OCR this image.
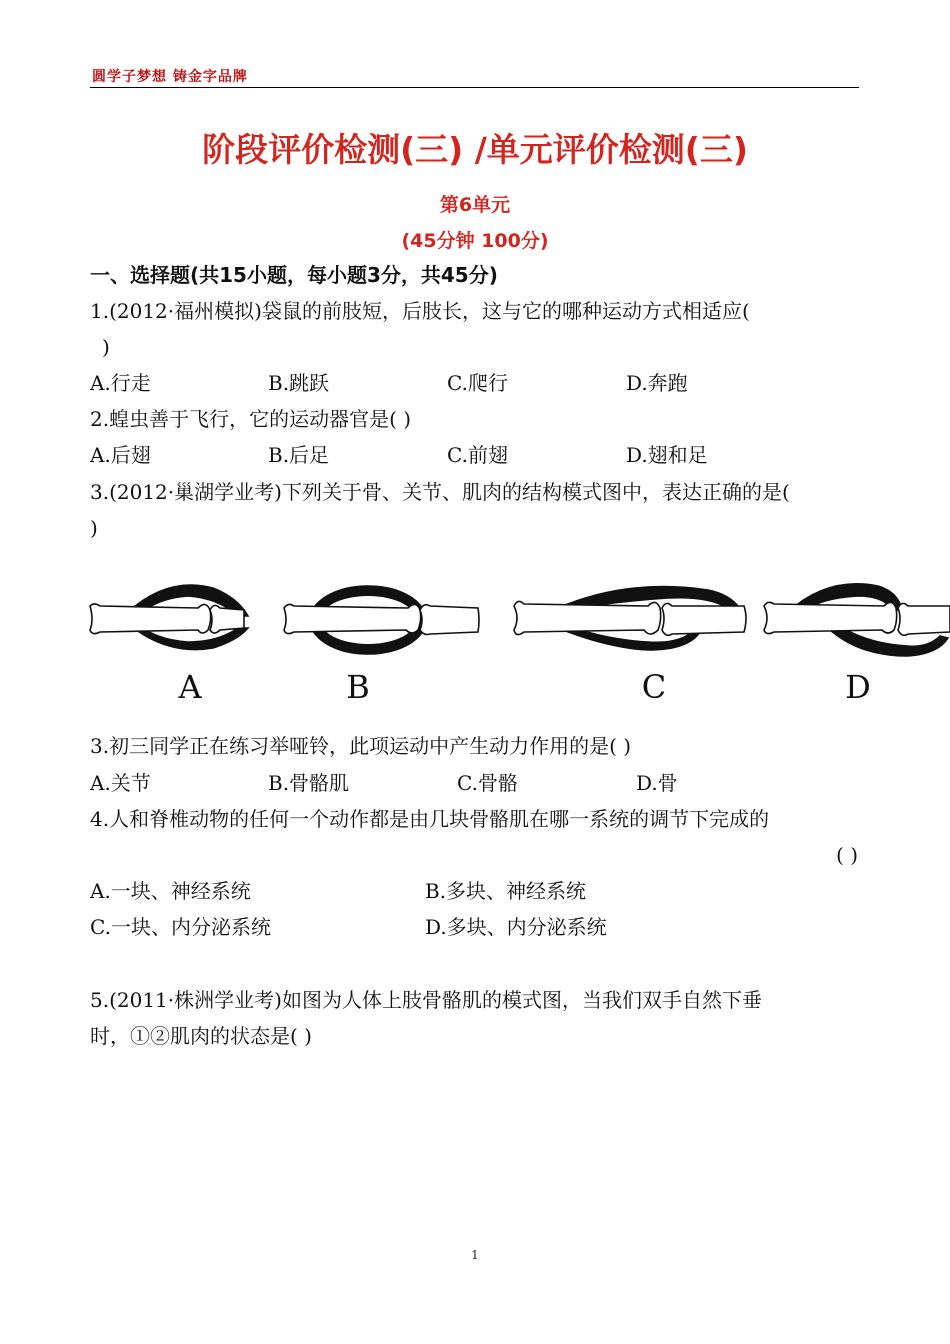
圆学子梦想 铸金字品牌
阶段评价检测(三) /单元评价检测(三)
第6单元
(45分钟 100分)
一、选择题(共15小题，每小题3分，共45分)
1.(2012·福州模拟)袋鼠的前肢短，后肢长，这与它的哪种运动方式相适应(
)
A.行走	B.跳跃	C.爬行	D.奔跑
2.蝗虫善于飞行，它的运动器官是( )
A.后翅	B.后足	C.前翅	D.翅和足
3.(2012·巢湖学业考)下列关于骨、关节、肌肉的结构模式图中，表达正确的是(
)
A	B	C	D
3.初三同学正在练习举哑铃，此项运动中产生动力作用的是( )
A.关节	B.骨骼肌	C.骨骼	D.骨
4.人和脊椎动物的任何一个动作都是由几块骨骼肌在哪一系统的调节下完成的
( )
A.一块、神经系统	B.多块、神经系统
C.一块、内分泌系统	D.多块、内分泌系统
5.(2011·株洲学业考)如图为人体上肢骨骼肌的模式图，当我们双手自然下垂
时，①②肌肉的状态是( )
1
